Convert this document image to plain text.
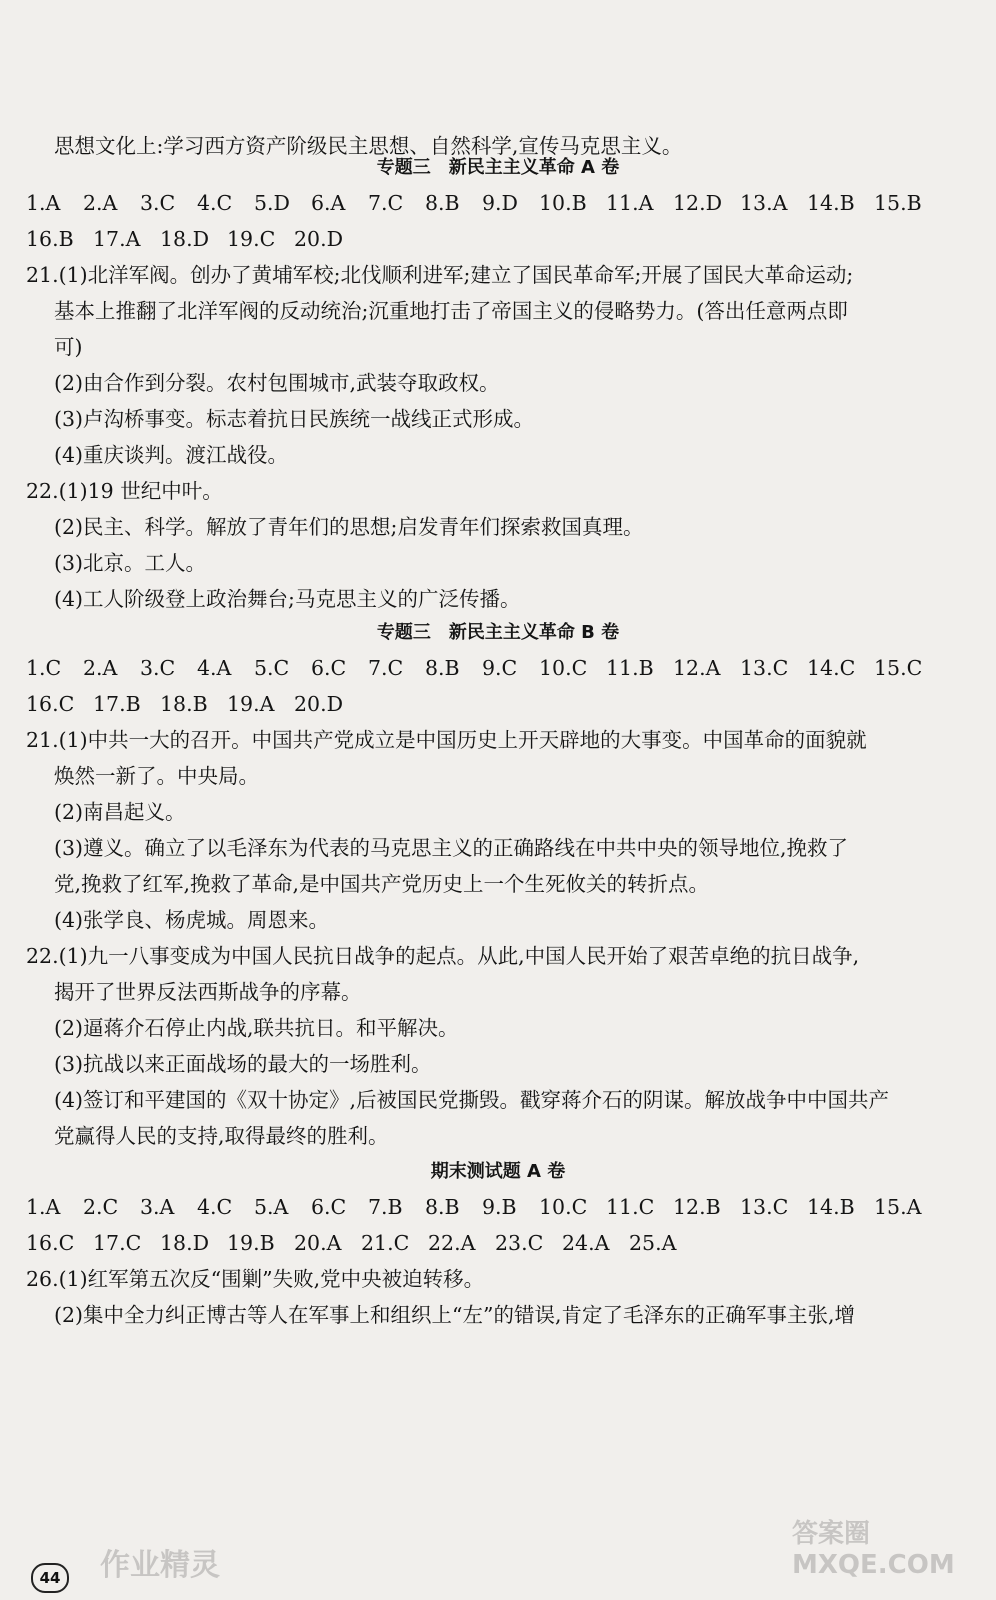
思想文化上:学习西方资产阶级民主思想、自然科学,宣传马克思主义。
专题三　新民主主义革命 A 卷
1.A	2.A	3.C	4.C	5.D	6.A	7.C	8.B	9.D	10.B 11.A 12.D 13.A 14.B 15.B
16.B 17.A 18.D 19.C 20.D
21.(1)北洋军阀。创办了黄埔军校;北伐顺利进军;建立了国民革命军;开展了国民大革命运动;
基本上推翻了北洋军阀的反动统治;沉重地打击了帝国主义的侵略势力。(答出任意两点即
可)
(2)由合作到分裂。农村包围城市,武装夺取政权。
(3)卢沟桥事变。标志着抗日民族统一战线正式形成。
(4)重庆谈判。渡江战役。
22.(1)19 世纪中叶。
(2)民主、科学。解放了青年们的思想;启发青年们探索救国真理。
(3)北京。工人。
(4)工人阶级登上政治舞台;马克思主义的广泛传播。
专题三　新民主主义革命 B 卷
1.C	2.A	3.C	4.A	5.C	6.C	7.C	8.B	9.C	10.C 11.B 12.A 13.C 14.C 15.C
16.C 17.B 18.B 19.A 20.D
21.(1)中共一大的召开。中国共产党成立是中国历史上开天辟地的大事变。中国革命的面貌就
焕然一新了。中央局。
(2)南昌起义。
(3)遵义。确立了以毛泽东为代表的马克思主义的正确路线在中共中央的领导地位,挽救了
党,挽救了红军,挽救了革命,是中国共产党历史上一个生死攸关的转折点。
(4)张学良、杨虎城。周恩来。
22.(1)九一八事变成为中国人民抗日战争的起点。从此,中国人民开始了艰苦卓绝的抗日战争,
揭开了世界反法西斯战争的序幕。
(2)逼蒋介石停止内战,联共抗日。和平解决。
(3)抗战以来正面战场的最大的一场胜利。
(4)签订和平建国的《双十协定》,后被国民党撕毁。戳穿蒋介石的阴谋。解放战争中中国共产
党赢得人民的支持,取得最终的胜利。
期末测试题 A 卷
1.A	2.C	3.A	4.C	5.A	6.C	7.B	8.B	9.B	10.C 11.C 12.B 13.C 14.B 15.A
16.C 17.C 18.D 19.B 20.A 21.C 22.A 23.C 24.A 25.A
26.(1)红军第五次反“围剿”失败,党中央被迫转移。
(2)集中全力纠正博古等人在军事上和组织上“左”的错误,肯定了毛泽东的正确军事主张,增
答案圈 MXQE.COM
作业精灵
44
